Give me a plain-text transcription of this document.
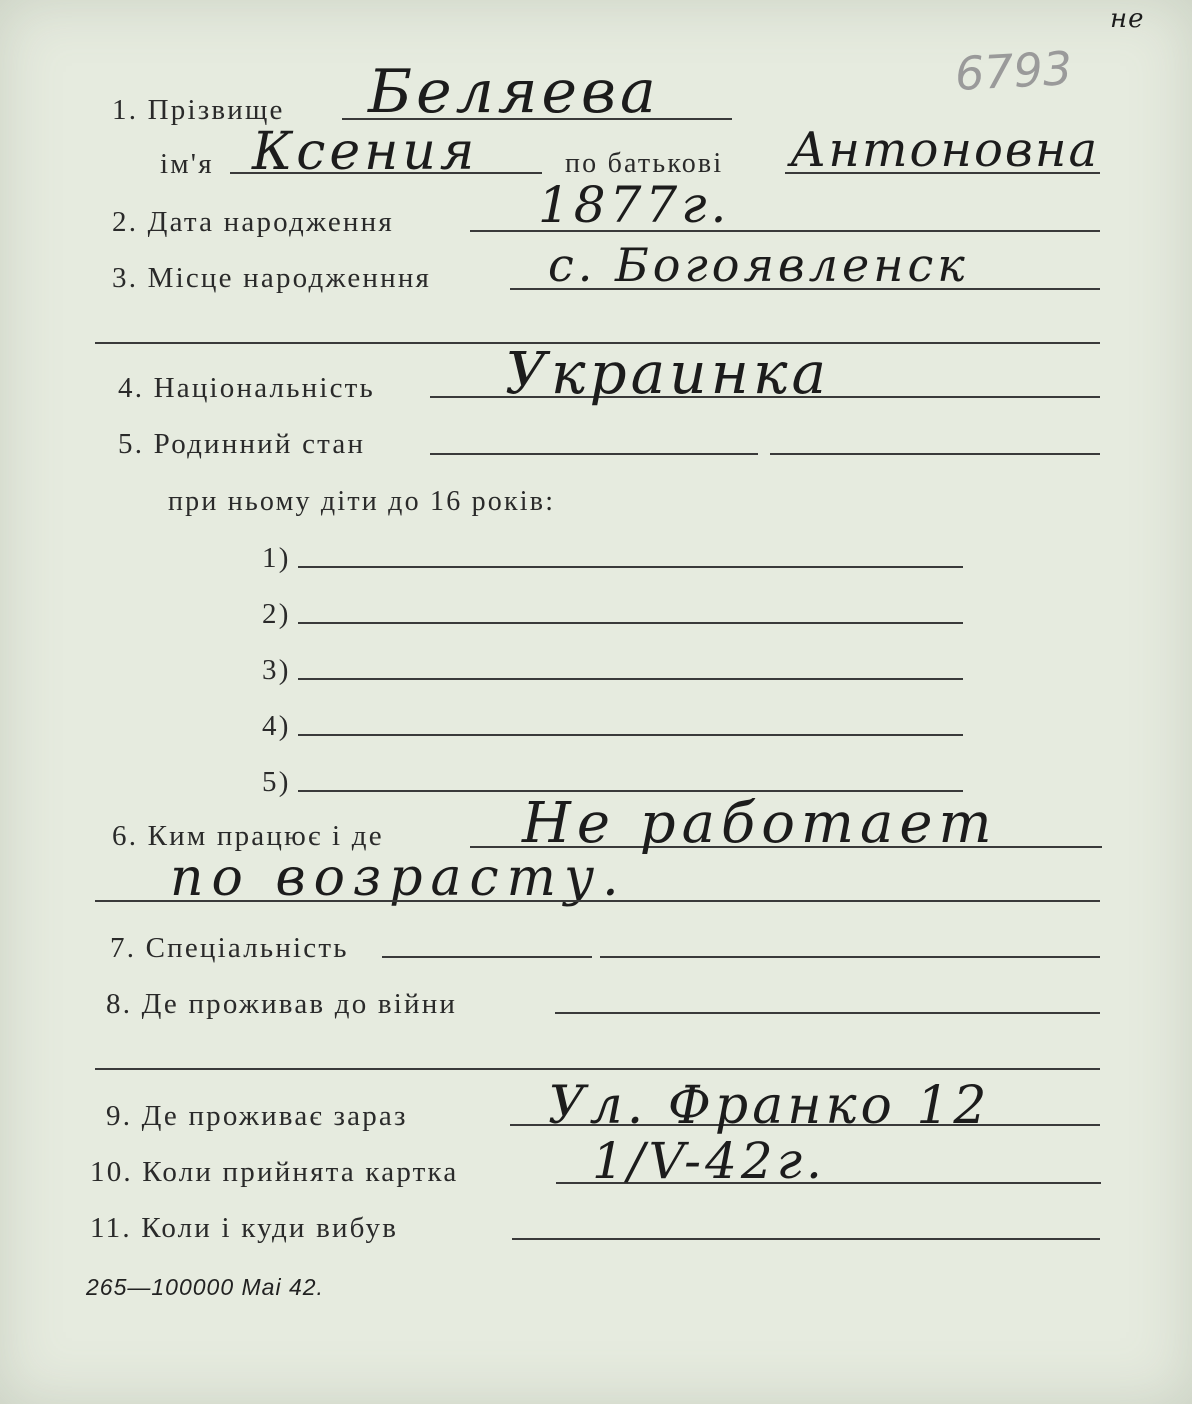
6793
не
1. Прізвище Беляева
ім'я Ксения	по батькові Антоновна
2. Дата народження	1877г.
3. Місце народженння	с. Богоявленск
4. Національність Украинка
5. Родинний стан
при ньому діти до 16 років:
1)
2)
3)
4)
5)
6. Ким працює і де Не работает
по возрасту.
7. Спеціальність
8. Де проживав до війни
9. Де проживає зараз	Ул. Франко 12
10. Коли прийнята картка	1/V-42г.
11. Коли і куди вибув
265—100000 Mai 42.
